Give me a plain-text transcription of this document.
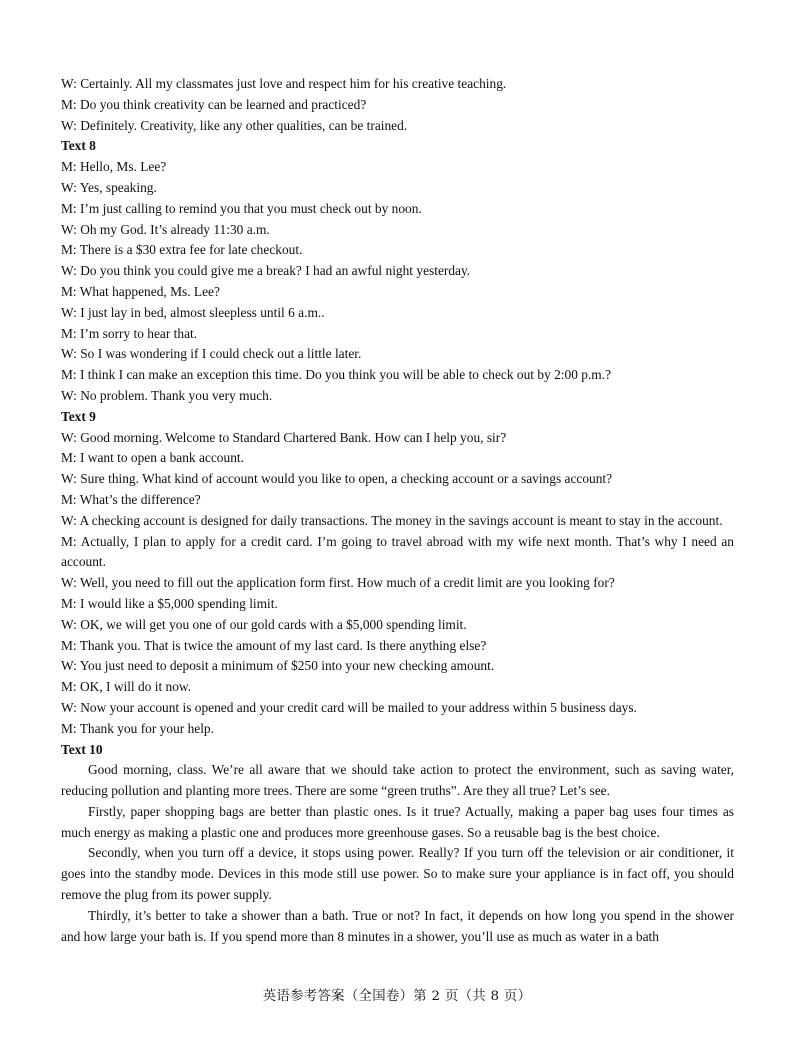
W: Certainly. All my classmates just love and respect him for his creative teaching.

M: Do you think creativity can be learned and practiced?

W: Definitely. Creativity, like any other qualities, can be trained.

Text 8

M: Hello, Ms. Lee?

W: Yes, speaking.

M: I’m just calling to remind you that you must check out by noon.

W: Oh my God. It’s already 11:30 a.m.

M: There is a $30 extra fee for late checkout.

W: Do you think you could give me a break? I had an awful night yesterday.

M: What happened, Ms. Lee?

W: I just lay in bed, almost sleepless until 6 a.m..

M: I’m sorry to hear that.

W: So I was wondering if I could check out a little later.

M: I think I can make an exception this time. Do you think you will be able to check out by 2:00 p.m.?

W: No problem. Thank you very much.

Text 9

W: Good morning. Welcome to Standard Chartered Bank. How can I help you, sir?

M: I want to open a bank account.

W: Sure thing. What kind of account would you like to open, a checking account or a savings account?

M: What’s the difference?

W: A checking account is designed for daily transactions. The money in the savings account is meant to stay in the account.

M: Actually, I plan to apply for a credit card. I’m going to travel abroad with my wife next month. That’s why I need an account.

W: Well, you need to fill out the application form first. How much of a credit limit are you looking for?

M: I would like a $5,000 spending limit.

W: OK, we will get you one of our gold cards with a $5,000 spending limit.

M: Thank you. That is twice the amount of my last card. Is there anything else?

W: You just need to deposit a minimum of $250 into your new checking amount.

M: OK, I will do it now.

W: Now your account is opened and your credit card will be mailed to your address within 5 business days.

M: Thank you for your help.

Text 10

Good morning, class. We’re all aware that we should take action to protect the environment, such as saving water, reducing pollution and planting more trees. There are some “green truths”. Are they all true? Let’s see.

Firstly, paper shopping bags are better than plastic ones. Is it true? Actually, making a paper bag uses four times as much energy as making a plastic one and produces more greenhouse gases. So a reusable bag is the best choice.

Secondly, when you turn off a device, it stops using power. Really? If you turn off the television or air conditioner, it goes into the standby mode. Devices in this mode still use power. So to make sure your appliance is in fact off, you should remove the plug from its power supply.

Thirdly, it’s better to take a shower than a bath. True or not? In fact, it depends on how long you spend in the shower and how large your bath is. If you spend more than 8 minutes in a shower, you’ll use as much as water in a bath

英语参考答案（全国卷）第 2 页（共 8 页）
